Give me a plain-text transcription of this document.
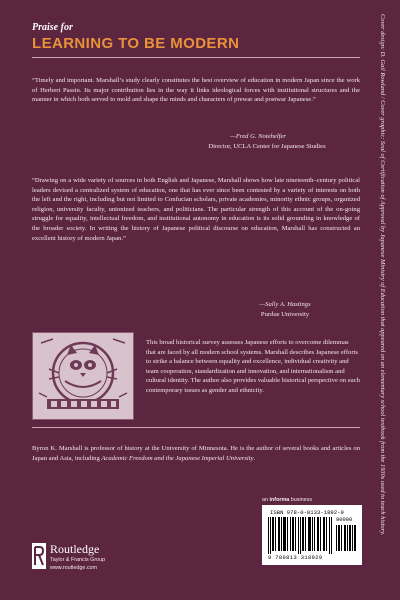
Praise for
LEARNING TO BE MODERN
“Timely and important. Marshall’s study clearly constitutes the best overview of education in modern Japan since the work of Herbert Passin. Its major contribution lies in the way it links ideological forces with institutional structures and the manner in which both served to mold and shape the minds and characters of prewar and postwar Japanese.”
—Fred G. Notehelfer
Director, UCLA Center for Japanese Studies
“Drawing on a wide variety of sources in both English and Japanese, Marshall shows how late nineteenth–century political leaders devised a centralized system of education, one that has ever since been contested by a variety of interests on both the left and the right, including but not limited to Confucian scholars, private academies, minority ethnic groups, organized religion, university faculty, unionized teachers, and politicians. The particular strength of this account of the on-going struggle for equality, intellectual freedom, and institutional autonomy in education is its solid grounding in knowledge of the broader society. In writing the history of Japanese political discourse on education, Marshall has constructed an excellent history of modern Japan.”
—Sally A. Hastings
Purdue University
This broad historical survey assesses Japanese efforts to overcome dilemmas that are faced by all modern school systems. Marshall describes Japanese efforts to strike a balance between equality and excellence, individual creativity and team cooperation, standardization and innovation, and internationalism and cultural identity. The author also provides valuable historical perspective on such contemporary issues as gender and ethnicity.
Byron K. Marshall is professor of history at the University of Minnesota. He is the author of several books and articles on Japan and Asia, including Academic Freedom and the Japanese Imperial University.
an informa business
ISBN 978-0-8133-1892-9
90000
9 780813 318929
Routledge
Taylor & Francis Group
www.routledge.com
Cover design: D. Gail Rowland / Cover graphic: Seal of Certification of Approval by Japanese Ministry of Education that appeared on an elementary school textbook from the 1930s used to teach history.
